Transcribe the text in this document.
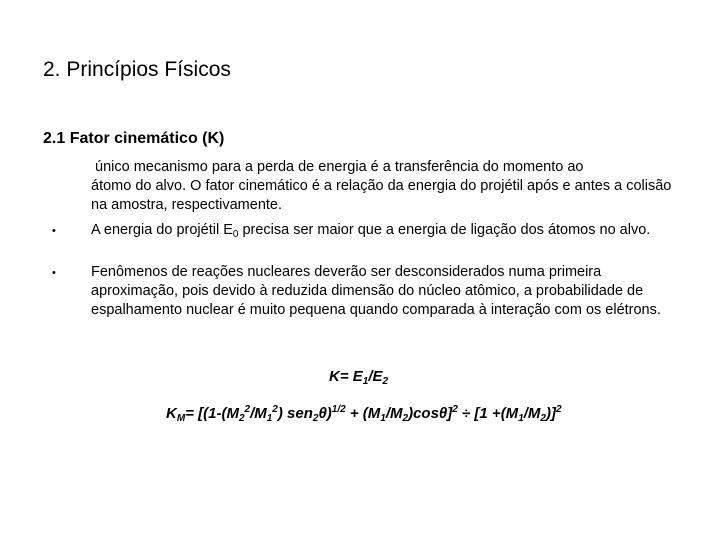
2. Princípios Físicos
2.1 Fator cinemático (K)
único mecanismo para a perda de energia é a transferência do momento ao
átomo do alvo. O fator cinemático é a relação da energia do projétil após e antes a colisão na amostra, respectivamente.
• A energia do projétil $E_0$ precisa ser maior que a energia de ligação dos átomos no alvo.
• Fenômenos de reações nucleares deverão ser desconsiderados numa primeira aproximação, pois devido à reduzida dimensão do núcleo atômico, a probabilidade de espalhamento nuclear é muito pequena quando comparada à interação com os elétrons.
$K= E_1/E_2$
$K_M= [(1-(M_2^2/M_1^2) sen_2\theta)^{1/2} + (M_1/M_2)\cos\theta]^2 \div [1 +(M_1/M_2)]^2$
